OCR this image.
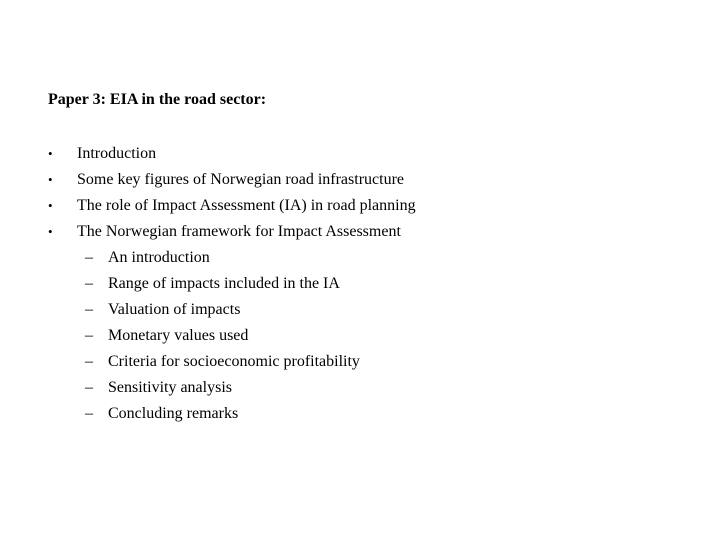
Paper 3: EIA in the road sector:
•	Introduction
•	Some key figures of Norwegian road infrastructure
•	The role of Impact Assessment (IA) in road planning
•	The Norwegian framework for Impact Assessment
– An introduction
– Range of impacts included in the IA
– Valuation of impacts
– Monetary values used
– Criteria for socioeconomic profitability
– Sensitivity analysis
– Concluding remarks
